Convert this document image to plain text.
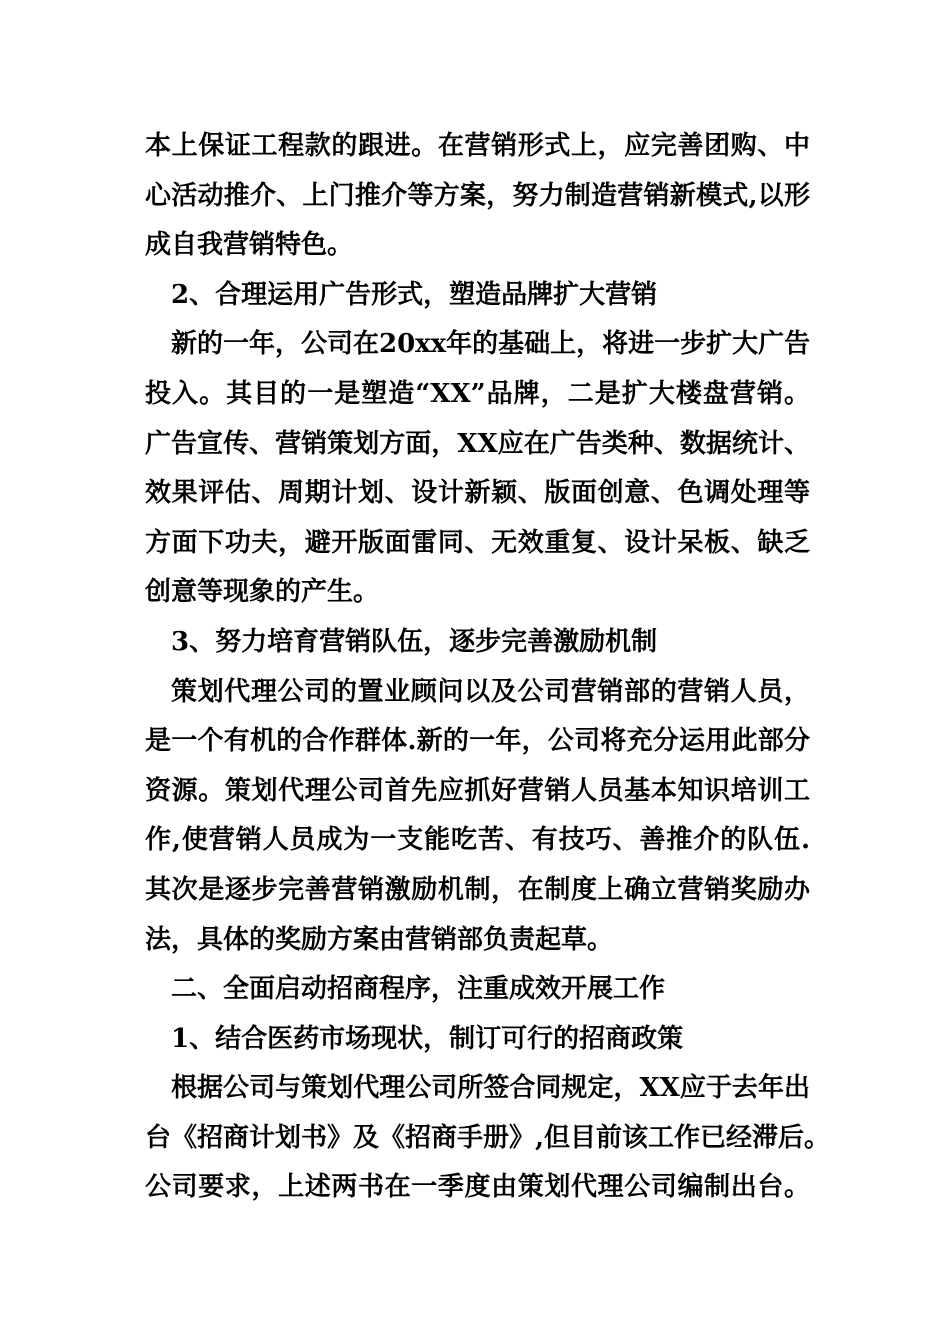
本上保证工程款的跟进。在营销形式上，应完善团购、中
心活动推介、上门推介等方案，努力制造营销新模式,以形
成自我营销特色。
2、合理运用广告形式，塑造品牌扩大营销
新的一年，公司在20xx年的基础上，将进一步扩大广告
投入。其目的一是塑造“XX”品牌，二是扩大楼盘营销。
广告宣传、营销策划方面，XX应在广告类种、数据统计、
效果评估、周期计划、设计新颖、版面创意、色调处理等
方面下功夫，避开版面雷同、无效重复、设计呆板、缺乏
创意等现象的产生。
3、努力培育营销队伍，逐步完善激励机制
策划代理公司的置业顾问以及公司营销部的营销人员，
是一个有机的合作群体.新的一年，公司将充分运用此部分
资源。策划代理公司首先应抓好营销人员基本知识培训工
作,使营销人员成为一支能吃苦、有技巧、善推介的队伍.
其次是逐步完善营销激励机制，在制度上确立营销奖励办
法，具体的奖励方案由营销部负责起草。
二、全面启动招商程序，注重成效开展工作
1、结合医药市场现状，制订可行的招商政策
根据公司与策划代理公司所签合同规定，XX应于去年出
台《招商计划书》及《招商手册》,但目前该工作已经滞后。
公司要求，上述两书在一季度由策划代理公司编制出台。
